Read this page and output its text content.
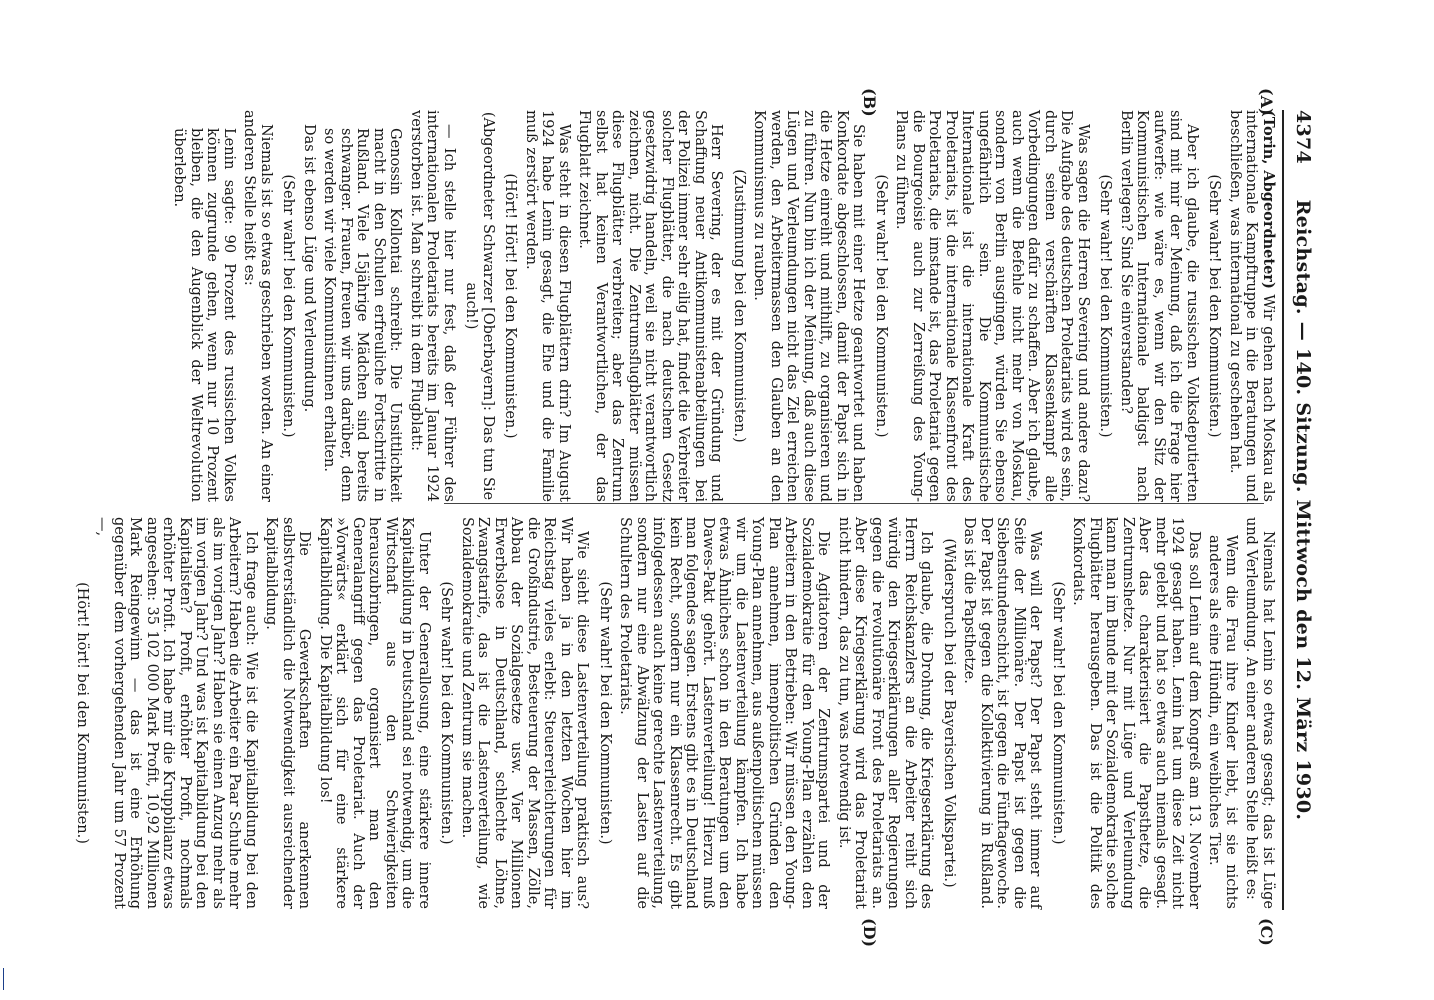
4374
Reichstag. — 140. Sitzung. Mittwoch den 12. März 1930.
(A)
(B)
(C)
(D)

(Torin, Abgeordneter) Wir gehen nach Moskau als internationale Kampftruppe in die Beratungen und beschließen, was international zu geschehen hat.

(Sehr wahr! bei den Kommunisten.)

Aber ich glaube, die russischen Volksdeputierten sind mit mir der Meinung, daß ich die Frage hier aufwerfe: wie wäre es, wenn wir den Sitz der Kommunistischen Internationale baldigst nach Berlin verlegen? Sind Sie einverstanden?

(Sehr wahr! bei den Kommunisten.)

Was sagen die Herren Severing und andere dazu? Die Aufgabe des deutschen Proletariats wird es sein, durch seinen verschärften Klassenkampf alle Vorbedingungen dafür zu schaffen. Aber ich glaube, auch wenn die Befehle nicht mehr von Moskau, sondern von Berlin ausgingen, würden Sie ebenso ungefährlich sein. Die Kommunistische Internationale ist die internationale Kraft des Proletariats, ist die internationale Klassenfront des Proletariats, die imstande ist, das Proletariat gegen die Bourgeoisie auch zur Zerreißung des Young-Plans zu führen.

(Sehr wahr! bei den Kommunisten.)

Sie haben mit einer Hetze geantwortet und haben Konkordate abgeschlossen, damit der Papst sich in die Hetze einreiht und mithilft, zu organisieren und zu führen. Nun bin ich der Meinung, daß auch diese Lügen und Verleumdungen nicht das Ziel erreichen werden, den Arbeitermassen den Glauben an den Kommunismus zu rauben.

(Zustimmung bei den Kommunisten.)

Herr Severing, der es mit der Gründung und Schaffung neuer Antikommunistenabteilungen bei der Polizei immer sehr eilig hat, findet die Verbreiter solcher Flugblätter, die nach deutschem Gesetz gesetzwidrig handeln, weil sie nicht verantwortlich zeichnen, nicht. Die Zentrumsflugblätter müssen diese Flugblätter verbreiten; aber das Zentrum selbst hat keinen Verantwortlichen, der das Flugblatt zeichnet.

Was steht in diesen Flugblättern drin? Im August 1924 habe Lenin gesagt, die Ehe und die Familie muß zerstört werden.

(Hört! Hört! bei den Kommunisten.)

(Abgeordneter Schwarzer [Oberbayern]: Das tun Sie auch!)

— Ich stelle hier nur fest, daß der Führer des internationalen Proletariats bereits im Januar 1924 verstorben ist. Man schreibt in dem Flugblatt:

Genossin Kollontai schreibt: Die Unsittlichkeit macht in den Schulen erfreuliche Fortschritte in Rußland. Viele 15jährige Mädchen sind bereits schwanger. Frauen, freuen wir uns darüber, denn so werden wir viele Kommunistinnen erhalten.

Das ist ebenso Lüge und Verleumdung.

(Sehr wahr! bei den Kommunisten.)

Niemals ist so etwas geschrieben worden. An einer anderen Stelle heißt es:

Lenin sagte: 90 Prozent des russischen Volkes können zugrunde gehen, wenn nur 10 Prozent bleiben, die den Augenblick der Weltrevolution überleben.

Niemals hat Lenin so etwas gesagt; das ist Lüge und Verleumdung. An einer anderen Stelle heißt es:

Wenn die Frau ihre Kinder liebt, ist sie nichts anderes als eine Hündin, ein weibliches Tier.

Das soll Lenin auf dem Kongreß am 13. November 1924 gesagt haben. Lenin hat um diese Zeit nicht mehr gelebt und hat so etwas auch niemals gesagt. Aber das charakterisiert die Papsthetze, die Zentrumshetze. Nur mit Lüge und Verleumdung kann man im Bunde mit der Sozialdemokratie solche Flugblätter herausgeben. Das ist die Politik des Konkordats.

(Sehr wahr! bei den Kommunisten.)

Was will der Papst? Der Papst steht immer auf Seite der Millionäre. Der Papst ist gegen die Siebenstundenschicht, ist gegen die Fünftagewoche. Der Papst ist gegen die Kollektivierung in Rußland. Das ist die Papsthetze.

(Widerspruch bei der Bayerischen Volkspartei.)

Ich glaube, die Drohung, die Kriegserklärung des Herrn Reichskanzlers an die Arbeiter reiht sich würdig den Kriegserklärungen aller Regierungen gegen die revolutionäre Front des Proletariats an. Aber diese Kriegserklärung wird das Proletariat nicht hindern, das zu tun, was notwendig ist.

Die Agitatoren der Zentrumspartei und der Sozialdemokratie für den Young-Plan erzählen den Arbeitern in den Betrieben: Wir müssen den Young-Plan annehmen, innenpolitischen Gründen den Young-Plan annehmen, aus außenpolitischen müssen wir um die Lastenverteilung kämpfen. Ich habe etwas Ähnliches schon in den Beratungen um den Dawes-Pakt gehört. Lastenverteilung! Hierzu muß man folgendes sagen. Erstens gibt es in Deutschland kein Recht, sondern nur ein Klassenrecht. Es gibt infolgedessen auch keine gerechte Lastenverteilung, sondern nur eine Abwälzung der Lasten auf die Schultern des Proletariats.

(Sehr wahr! bei den Kommunisten.)

Wie sieht diese Lastenverteilung praktisch aus? Wir haben ja in den letzten Wochen hier im Reichstag vieles erlebt: Steuererleichterungen für die Großindustrie, Besteuerung der Massen, Zölle, Abbau der Sozialgesetze usw. Vier Millionen Erwerbslose in Deutschland, schlechte Löhne, Zwangstarife, das ist die Lastenverteilung, wie Sozialdemokratie und Zentrum sie machen.

(Sehr wahr! bei den Kommunisten.)

Unter der Generallosung, eine stärkere innere Kapitalbildung in Deutschland sei notwendig, um die Wirtschaft aus den Schwierigkeiten herauszubringen, organisiert man den Generalangriff gegen das Proletariat. Auch der »Vorwärts« erklärt sich für eine stärkere Kapitalbildung. Die Kapitalbildung los!

Die Gewerkschaften anerkennen selbstverständlich die Notwendigkeit ausreichender Kapitalbildung.

Ich frage auch: Wie ist die Kapitalbildung bei den Arbeitern? Haben die Arbeiter ein Paar Schuhe mehr als im vorigen Jahr? Haben sie einen Anzug mehr als im vorigen Jahr? Und was ist Kapitalbildung bei den Kapitalisten? Profit, erhöhter Profit, nochmals erhöhter Profit. Ich habe mir die Kruppbilanz etwas angesehen: 35 102 000 Mark Profit, 10,92 Millionen Mark Reingewinn — das ist eine Erhöhung gegenüber dem vorhergehenden Jahr um 57 Prozent —,

(Hört! hört! bei den Kommunisten.)
